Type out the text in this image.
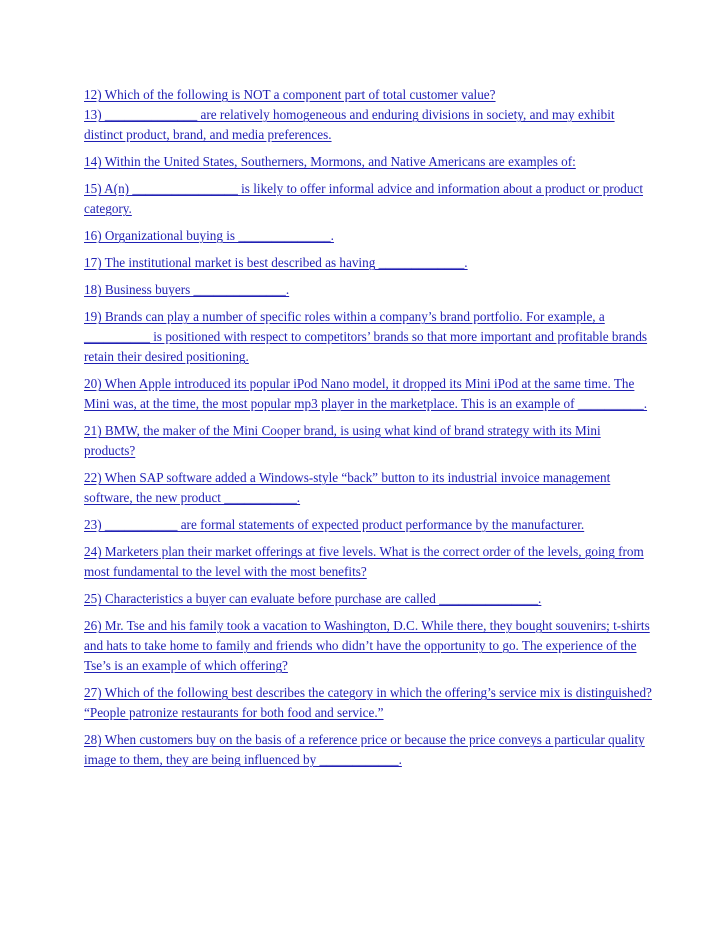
12) Which of the following is NOT a component part of total customer value?

13) ______________ are relatively homogeneous and enduring divisions in society, and may exhibit distinct product, brand, and media preferences.

14) Within the United States, Southerners, Mormons, and Native Americans are examples of:

15) A(n) ________________ is likely to offer informal advice and information about a product or product category.

16) Organizational buying is ______________.

17) The institutional market is best described as having _____________.

18) Business buyers ______________.

19) Brands can play a number of specific roles within a company’s brand portfolio. For example, a __________ is positioned with respect to competitors’ brands so that more important and profitable brands retain their desired positioning.

20) When Apple introduced its popular iPod Nano model, it dropped its Mini iPod at the same time. The Mini was, at the time, the most popular mp3 player in the marketplace. This is an example of __________.

21) BMW, the maker of the Mini Cooper brand, is using what kind of brand strategy with its Mini products?

22) When SAP software added a Windows-style “back” button to its industrial invoice management software, the new product ___________.

23) ___________ are formal statements of expected product performance by the manufacturer.

24) Marketers plan their market offerings at five levels. What is the correct order of the levels, going from most fundamental to the level with the most benefits?

25) Characteristics a buyer can evaluate before purchase are called _______________.

26) Mr. Tse and his family took a vacation to Washington, D.C. While there, they bought souvenirs; t-shirts and hats to take home to family and friends who didn’t have the opportunity to go. The experience of the Tse’s is an example of which offering?

27) Which of the following best describes the category in which the offering’s service mix is distinguished? “People patronize restaurants for both food and service.”

28) When customers buy on the basis of a reference price or because the price conveys a particular quality image to them, they are being influenced by ____________.
